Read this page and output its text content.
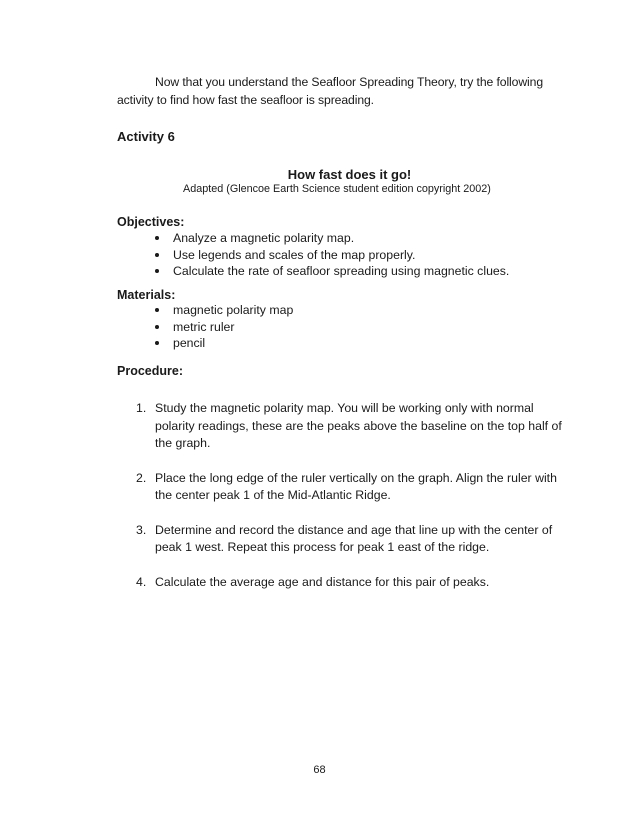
Now that you understand the Seafloor Spreading Theory, try the following activity to find how fast the seafloor is spreading.

Activity 6

How fast does it go!

Adapted (Glencoe Earth Science student edition copyright 2002)

Objectives:

Analyze a magnetic polarity map.
Use legends and scales of the map properly.
Calculate the rate of seafloor spreading using magnetic clues.

Materials:

magnetic polarity map
metric ruler
pencil

Procedure:

1. Study the magnetic polarity map. You will be working only with normal polarity readings, these are the peaks above the baseline on the top half of the graph.
2. Place the long edge of the ruler vertically on the graph. Align the ruler with the center peak 1 of the Mid-Atlantic Ridge.
3. Determine and record the distance and age that line up with the center of peak 1 west. Repeat this process for peak 1 east of the ridge.
4. Calculate the average age and distance for this pair of peaks.

68
